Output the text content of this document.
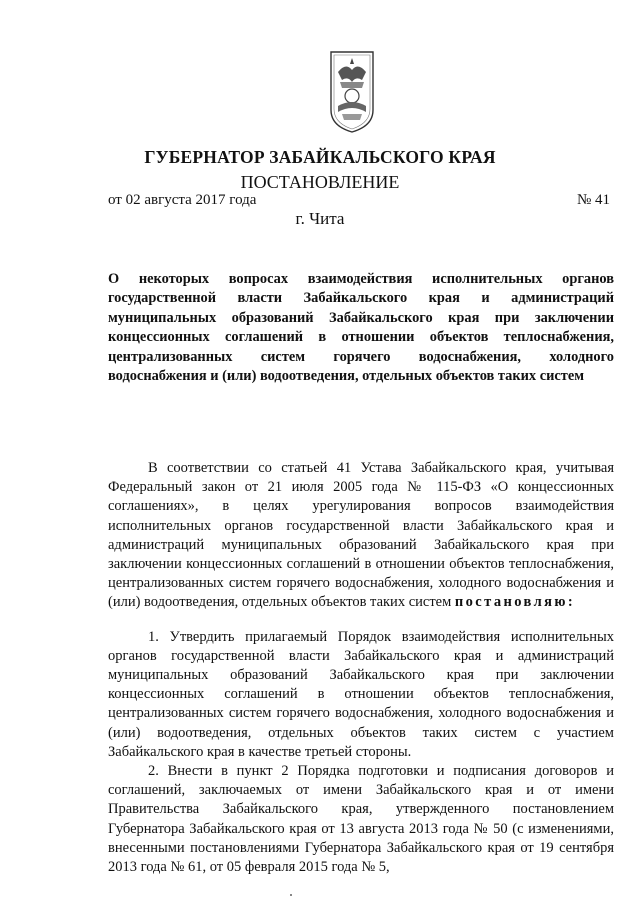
ГУБЕРНАТОР ЗАБАЙКАЛЬСКОГО КРАЯ
ПОСТАНОВЛЕНИЕ
от 02 августа 2017 года	№ 41
г. Чита
О некоторых вопросах взаимодействия исполнительных органов государственной власти Забайкальского края и администраций муниципальных образований Забайкальского края при заключении концессионных соглашений в отношении объектов теплоснабжения, централизованных систем горячего водоснабжения, холодного водоснабжения и (или) водоотведения, отдельных объектов таких систем

В соответствии со статьей 41 Устава Забайкальского края, учитывая Федеральный закон от 21 июля 2005 года № 115-ФЗ «О концессионных соглашениях», в целях урегулирования вопросов взаимодействия исполнительных органов государственной власти Забайкальского края и администраций муниципальных образований Забайкальского края при заключении концессионных соглашений в отношении объектов теплоснабжения, централизованных систем горячего водоснабжения, холодного водоснабжения и (или) водоотведения, отдельных объектов таких систем постановляю:

1. Утвердить прилагаемый Порядок взаимодействия исполнительных органов государственной власти Забайкальского края и администраций муниципальных образований Забайкальского края при заключении концессионных соглашений в отношении объектов теплоснабжения, централизованных систем горячего водоснабжения, холодного водоснабжения и (или) водоотведения, отдельных объектов таких систем с участием Забайкальского края в качестве третьей стороны.

2. Внести в пункт 2 Порядка подготовки и подписания договоров и соглашений, заключаемых от имени Забайкальского края и от имени Правительства Забайкальского края, утвержденного постановлением Губернатора Забайкальского края от 13 августа 2013 года № 50 (с изменениями, внесенными постановлениями Губернатора Забайкальского края от 19 сентября 2013 года № 61, от 05 февраля 2015 года № 5,
